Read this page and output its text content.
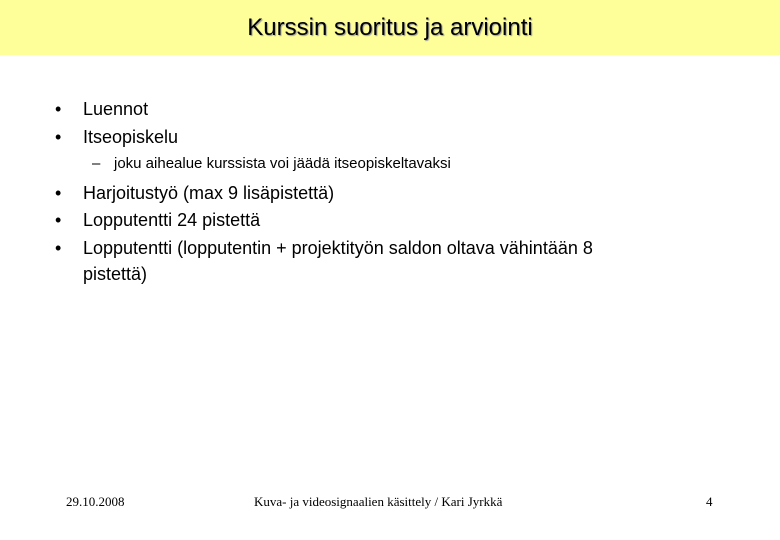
Kurssin suoritus ja arviointi
• Luennot
• Itseopiskelu
– joku aihealue kurssista voi jäädä itseopiskeltavaksi
• Harjoitustyö (max 9 lisäpistettä)
• Lopputentti 24 pistettä
• Lopputentti (lopputentin + projektityön saldon oltava vähintään 8
pistettä)
29.10.2008	Kuva- ja videosignaalien käsittely / Kari Jyrkkä	4
